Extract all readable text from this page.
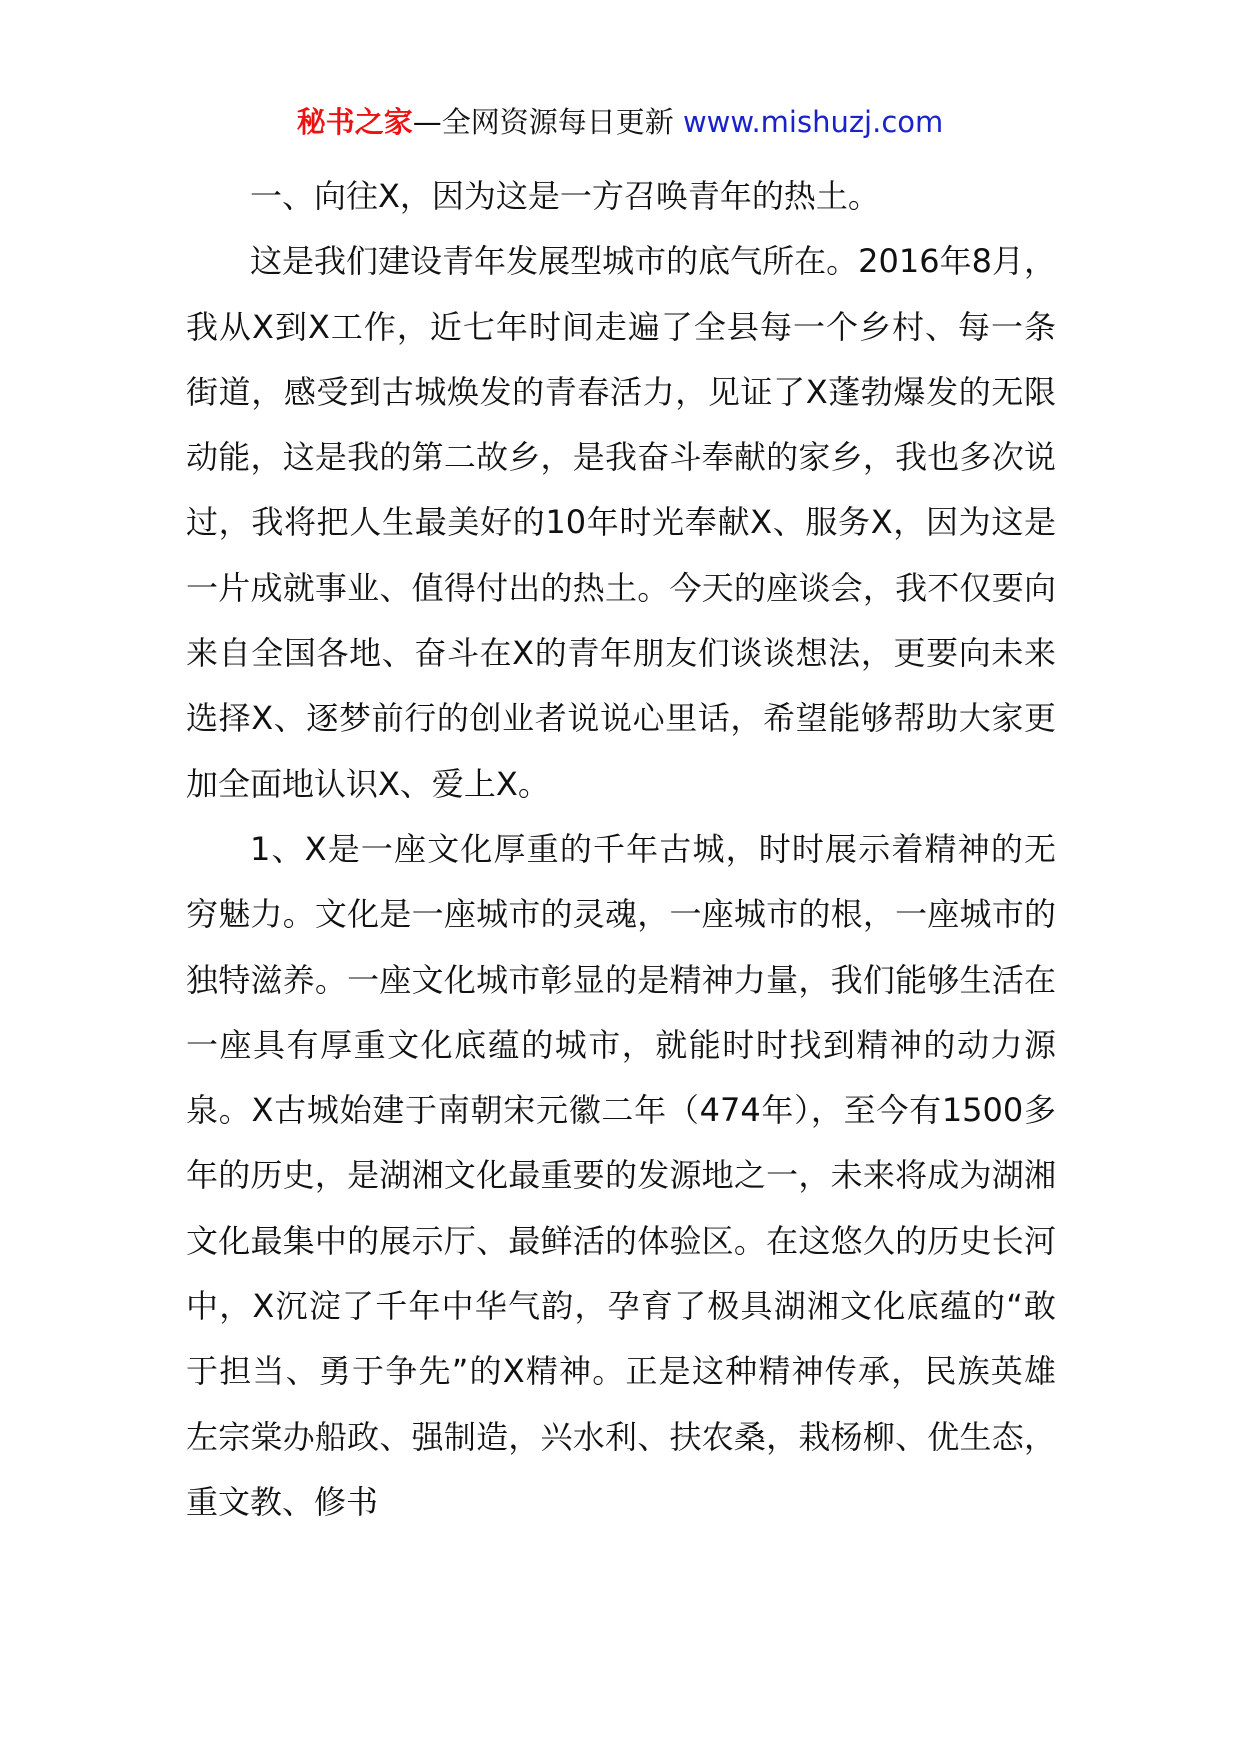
秘书之家—全网资源每日更新 www.mishuzj.com

一、向往X，因为这是一方召唤青年的热土。

这是我们建设青年发展型城市的底气所在。2016年8月，我从X到X工作，近七年时间走遍了全县每一个乡村、每一条街道，感受到古城焕发的青春活力，见证了X蓬勃爆发的无限动能，这是我的第二故乡，是我奋斗奉献的家乡，我也多次说过，我将把人生最美好的10年时光奉献X、服务X，因为这是一片成就事业、值得付出的热土。今天的座谈会，我不仅要向来自全国各地、奋斗在X的青年朋友们谈谈想法，更要向未来选择X、逐梦前行的创业者说说心里话，希望能够帮助大家更加全面地认识X、爱上X。

1、X是一座文化厚重的千年古城，时时展示着精神的无穷魅力。文化是一座城市的灵魂，一座城市的根，一座城市的独特滋养。一座文化城市彰显的是精神力量，我们能够生活在一座具有厚重文化底蕴的城市，就能时时找到精神的动力源泉。X古城始建于南朝宋元徽二年（474年），至今有1500多年的历史，是湖湘文化最重要的发源地之一，未来将成为湖湘文化最集中的展示厅、最鲜活的体验区。在这悠久的历史长河中，X沉淀了千年中华气韵，孕育了极具湖湘文化底蕴的“敢于担当、勇于争先”的X精神。正是这种精神传承，民族英雄左宗棠办船政、强制造，兴水利、扶农桑，栽杨柳、优生态，重文教、修书
